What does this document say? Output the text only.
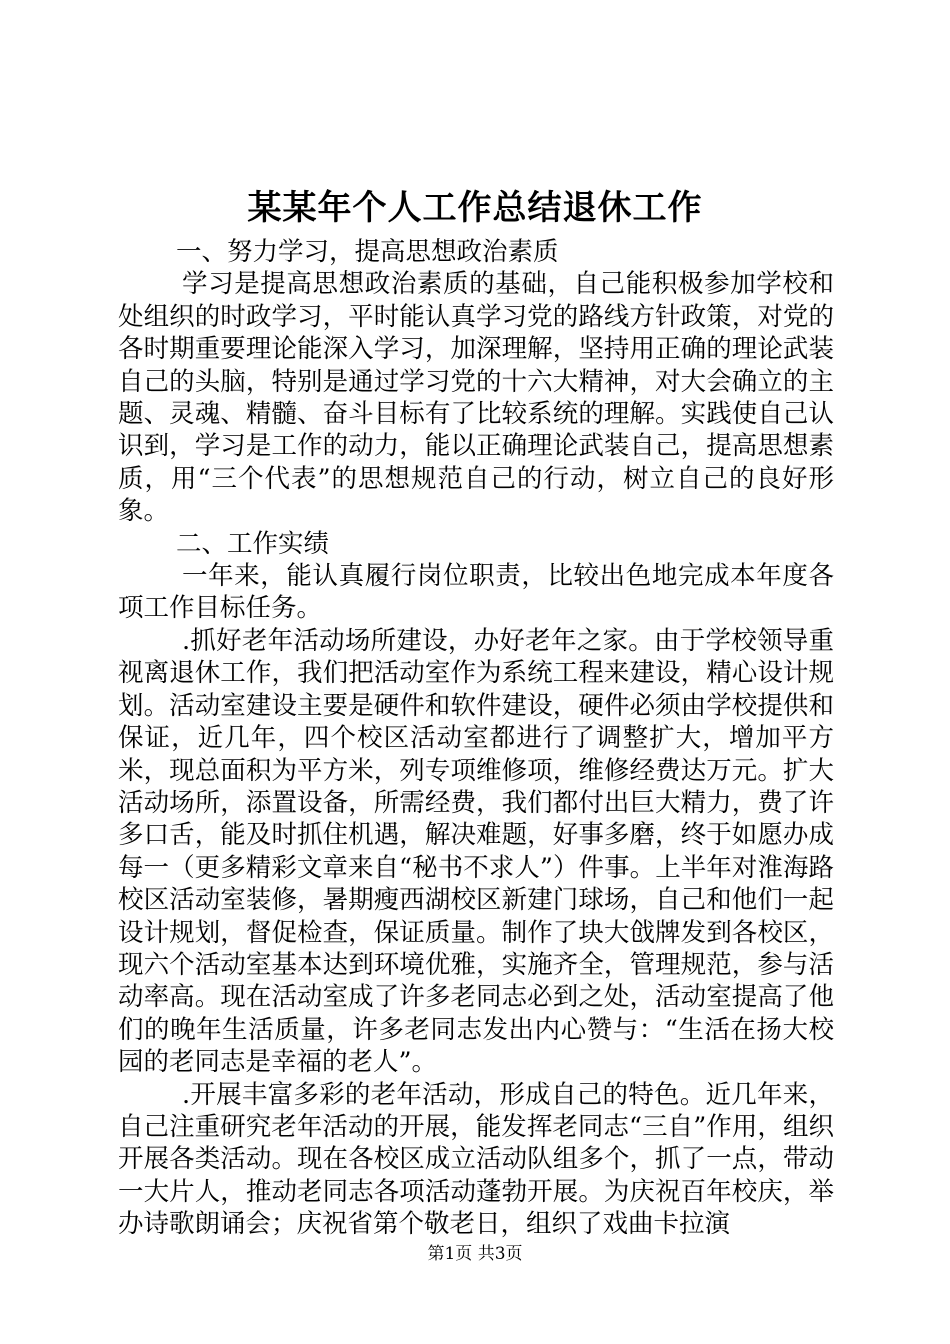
某某年个人工作总结退休工作

一、努力学习，提高思想政治素质

学习是提高思想政治素质的基础，自己能积极参加学校和处组织的时政学习，平时能认真学习党的路线方针政策，对党的各时期重要理论能深入学习，加深理解，坚持用正确的理论武装自己的头脑，特别是通过学习党的十六大精神，对大会确立的主题、灵魂、精髓、奋斗目标有了比较系统的理解。实践使自己认识到，学习是工作的动力，能以正确理论武装自己，提高思想素质，用“三个代表”的思想规范自己的行动，树立自己的良好形象。

二、工作实绩

一年来，能认真履行岗位职责，比较出色地完成本年度各项工作目标任务。

.抓好老年活动场所建设，办好老年之家。由于学校领导重视离退休工作，我们把活动室作为系统工程来建设，精心设计规划。活动室建设主要是硬件和软件建设，硬件必须由学校提供和保证，近几年，四个校区活动室都进行了调整扩大，增加平方米，现总面积为平方米，列专项维修项，维修经费达万元。扩大活动场所，添置设备，所需经费，我们都付出巨大精力，费了许多口舌，能及时抓住机遇，解决难题，好事多磨，终于如愿办成每一（更多精彩文章来自“秘书不求人”）件事。上半年对淮海路校区活动室装修，暑期瘦西湖校区新建门球场，自己和他们一起设计规划，督促检查，保证质量。制作了块大戗牌发到各校区，现六个活动室基本达到环境优雅，实施齐全，管理规范，参与活动率高。现在活动室成了许多老同志必到之处，活动室提高了他们的晚年生活质量，许多老同志发出内心赞与：“生活在扬大校园的老同志是幸福的老人”。

.开展丰富多彩的老年活动，形成自己的特色。近几年来，自己注重研究老年活动的开展，能发挥老同志“三自”作用，组织开展各类活动。现在各校区成立活动队组多个，抓了一点，带动一大片人，推动老同志各项活动蓬勃开展。为庆祝百年校庆，举办诗歌朗诵会；庆祝省第个敬老日，组织了戏曲卡拉演

第1页 共3页
